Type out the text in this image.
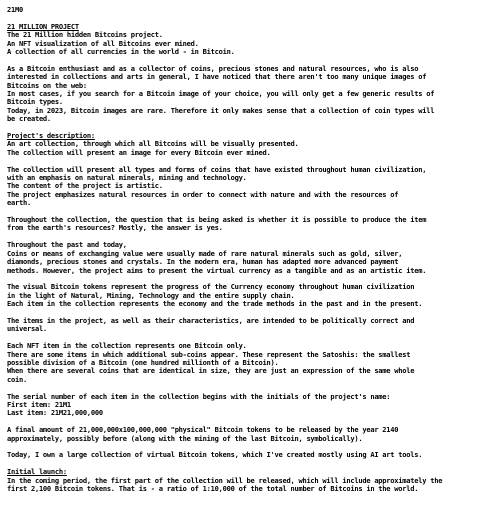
21M0
21 MILLION PROJECT
The 21 Million hidden Bitcoins project.
An NFT visualization of all Bitcoins ever mined.
A collection of all currencies in the world - in Bitcoin.
As a Bitcoin enthusiast and as a collector of coins, precious stones and natural resources, who is also
interested in collections and arts in general, I have noticed that there aren't too many unique images of
Bitcoins on the web:
In most cases, if you search for a Bitcoin image of your choice, you will only get a few generic results of
Bitcoin types.
Today, in 2023, Bitcoin images are rare. Therefore it only makes sense that a collection of coin types will
be created.
Project's description:
An art collection, through which all Bitcoins will be visually presented.
The collection will present an image for every Bitcoin ever mined.
The collection will present all types and forms of coins that have existed throughout human civilization,
with an emphasis on natural minerals, mining and technology.
The content of the project is artistic.
The project emphasizes natural resources in order to connect with nature and with the resources of
earth.
Throughout the collection, the question that is being asked is whether it is possible to produce the item
from the earth's resources? Mostly, the answer is yes.
Throughout the past and today,
Coins or means of exchanging value were usually made of rare natural minerals such as gold, silver,
diamonds, precious stones and crystals. In the modern era, human has adapted more advanced payment
methods. However, the project aims to present the virtual currency as a tangible and as an artistic item.
The visual Bitcoin tokens represent the progress of the Currency economy throughout human civilization
in the light of Natural, Mining, Technology and the entire supply chain.
Each item in the collection represents the economy and the trade methods in the past and in the present.
The items in the project, as well as their characteristics, are intended to be politically correct and
universal.
Each NFT item in the collection represents one Bitcoin only.
There are some items in which additional sub-coins appear. These represent the Satoshis: the smallest
possible division of a Bitcoin (one hundred millionth of a Bitcoin).
When there are several coins that are identical in size, they are just an expression of the same whole
coin.
The serial number of each item in the collection begins with the initials of the project's name:
First item: 21M1
Last item: 21M21,000,000
A final amount of 21,000,000x100,000,000 "physical" Bitcoin tokens to be released by the year 2140
approximately, possibly before (along with the mining of the last Bitcoin, symbolically).
Today, I own a large collection of virtual Bitcoin tokens, which I've created mostly using AI art tools.
Initial launch:
In the coming period, the first part of the collection will be released, which will include approximately the
first 2,100 Bitcoin tokens. That is - a ratio of 1:10,000 of the total number of Bitcoins in the world.
